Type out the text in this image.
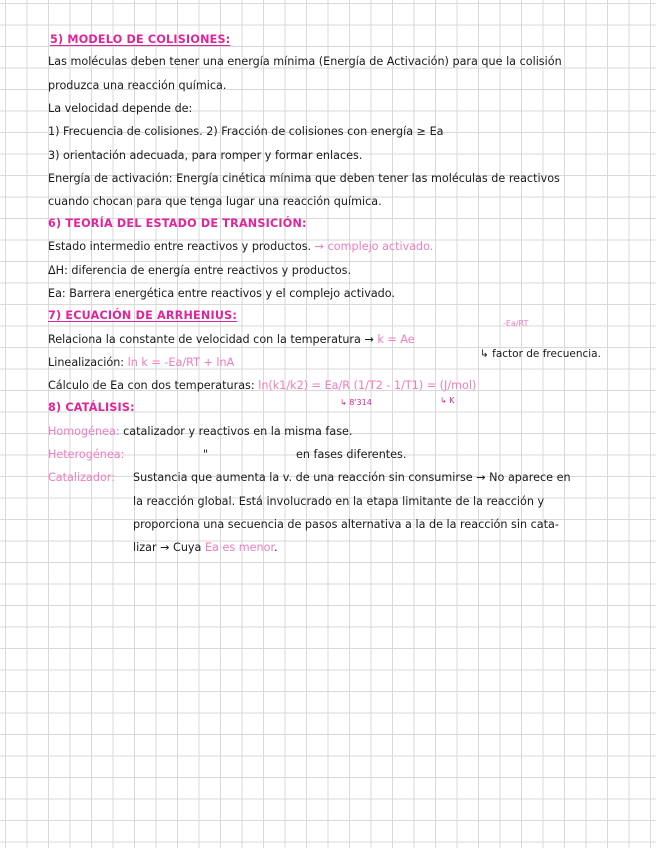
5) MODELO DE COLISIONES:
Las moléculas deben tener una energía mínima (Energía de Activación) para que la colisión
produzca una reacción química.
La velocidad depende de:
1) Frecuencia de colisiones. 2) Fracción de colisiones con energía ≥ Ea
3) orientación adecuada, para romper y formar enlaces.
Energía de activación: Energía cinética mínima que deben tener las moléculas de reactivos
cuando chocan para que tenga lugar una reacción química.
6) TEORÍA DEL ESTADO DE TRANSICIÓN:
Estado intermedio entre reactivos y productos. → complejo activado.
ΔH: diferencia de energía entre reactivos y productos.
Ea: Barrera energética entre reactivos y el complejo activado.
7) ECUACIÓN DE ARRHENIUS:
Relaciona la constante de velocidad con la temperatura → k = Ae
-Ea/RT
↳ factor de frecuencia.
Linealización: ln k = -Ea/RT + lnA
Cálculo de Ea con dos temperaturas: ln(k1/k2) = Ea/R (1/T2 - 1/T1) = (J/mol)
↳ 8'314	↳ K
8) CATÁLISIS:
Homogénea: catalizador y reactivos en la misma fase.
Heterogénea:	"	en fases diferentes.
Catalizador: Sustancia que aumenta la v. de una reacción sin consumirse → No aparece en
la reacción global. Está involucrado en la etapa limitante de la reacción y
proporciona una secuencia de pasos alternativa a la de la reacción sin cata-
lizar → Cuya Ea es menor.
